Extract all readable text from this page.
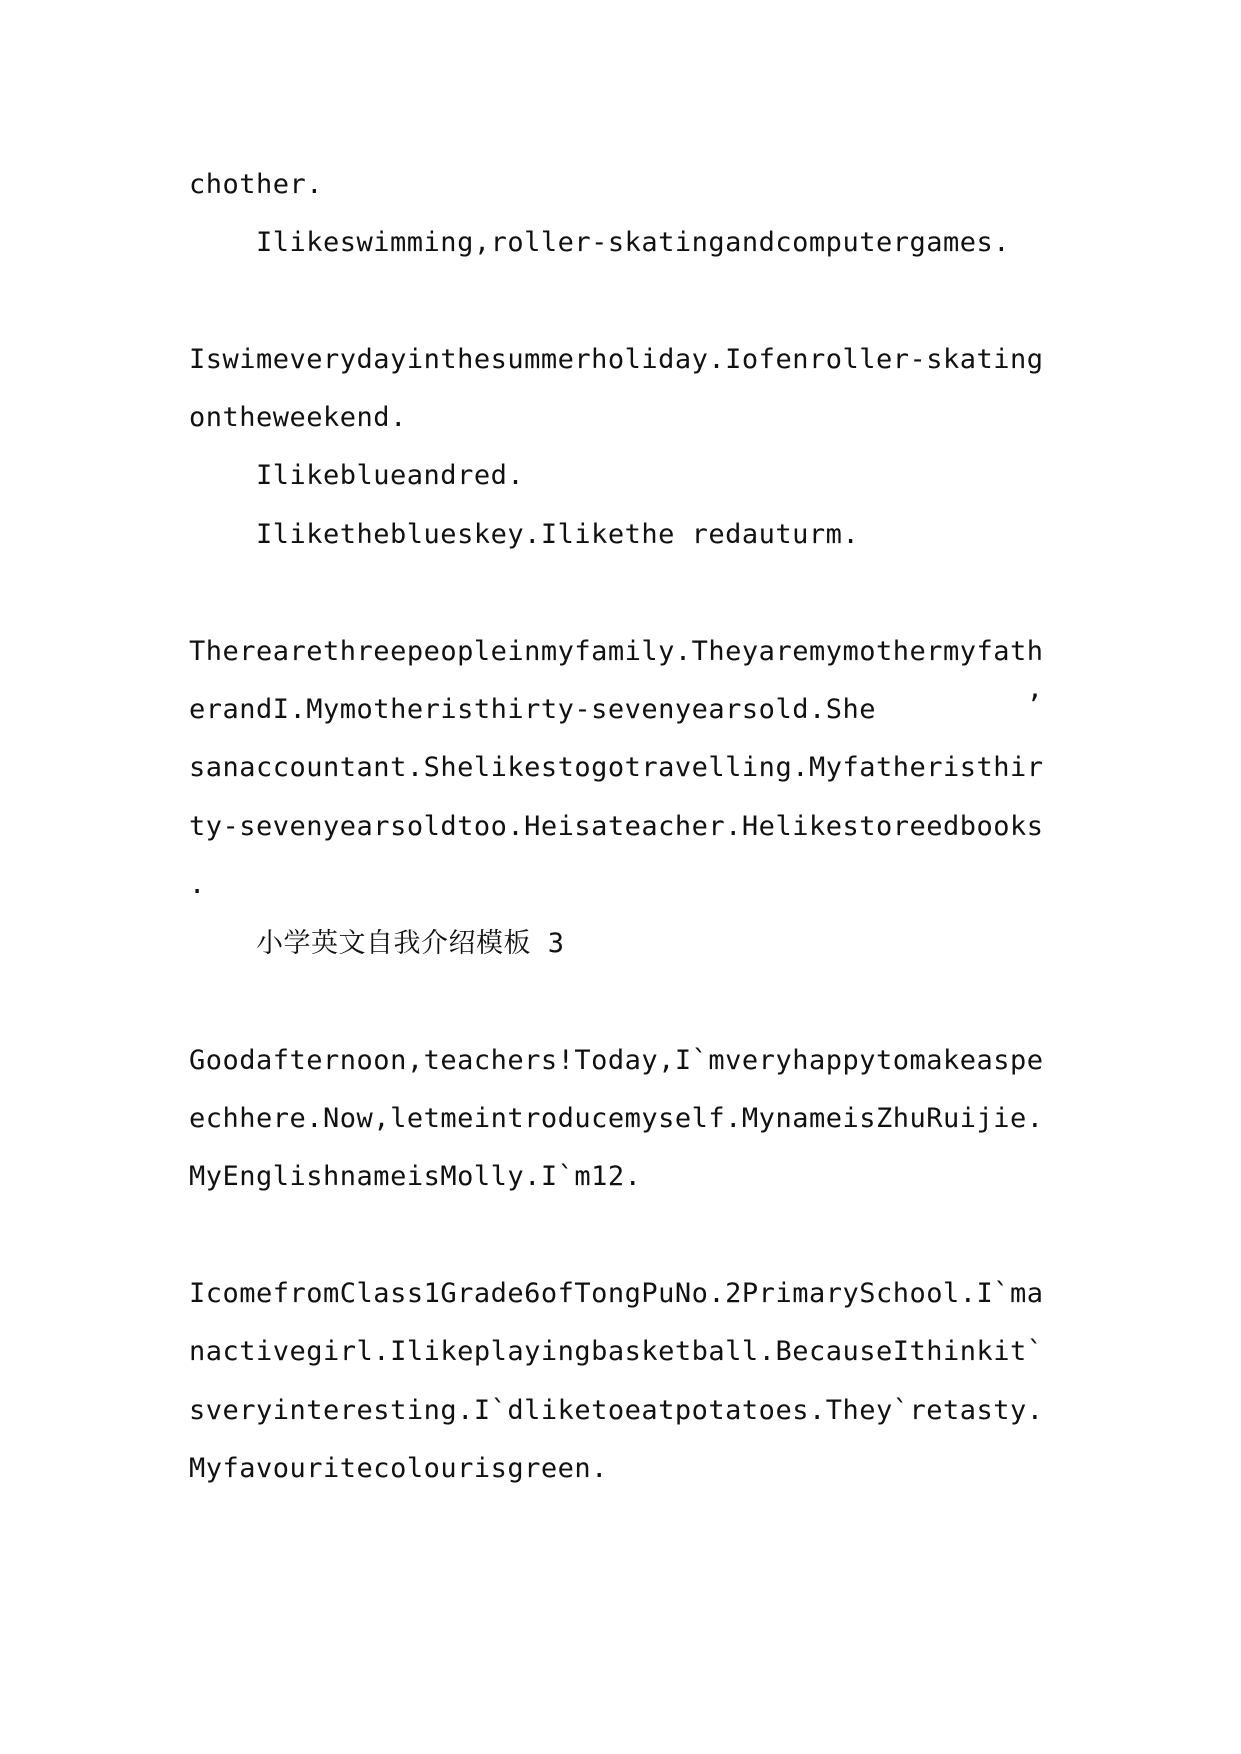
chother.
Ilikeswimming,roller-skatingandcomputergames.
Iswimeverydayinthesummerholiday.Iofenroller-skating
ontheweekend.
Ilikeblueandred.
Iliketheblueskey.Ilikethe redauturm.
Therearethreepeopleinmyfamily.Theyaremymothermyfath
erandI.Mymotheristhirty-sevenyearsold.She	’
sanaccountant.Shelikestogotravelling.Myfatheristhir
ty-sevenyearsoldtoo.Heisateacher.Helikestoreedbooks
.
小学英文自我介绍模板 3
Goodafternoon,teachers!Today,I`mveryhappytomakeaspe
echhere.Now,letmeintroducemyself.MynameisZhuRuijie.
MyEnglishnameisMolly.I`m12.
IcomefromClass1Grade6ofTongPuNo.2PrimarySchool.I`ma
nactivegirl.Ilikeplayingbasketball.BecauseIthinkit`
sveryinteresting.I`dliketoeatpotatoes.They`retasty.
Myfavouritecolourisgreen.
